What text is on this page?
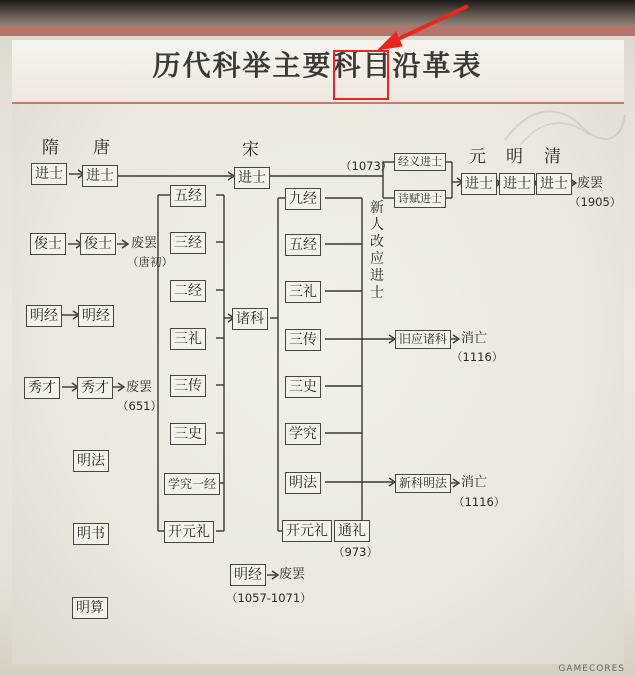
历代科举主要科目沿革表
隋 唐	宋	元 明 清
进士
俊士
明经
秀才
进士
俊士	废罢
（唐初）
明经
秀才	废罢
（651）
明法
明书
明算
五经
三经
二经
三礼
三传
三史
学究一经
开元礼
诸科
进士
九经
五经
三礼
三传
三史
学究
明法
开元礼 通礼
（973）
新
人
改
应
进
士
（1073） 经义进士
诗赋进士
进士 进士 进士 废罢
（1905）
旧应诸科	消亡
（1116）
新科明法	消亡
（1116）
明经	废罢
（1057-1071）
GAMECORES
